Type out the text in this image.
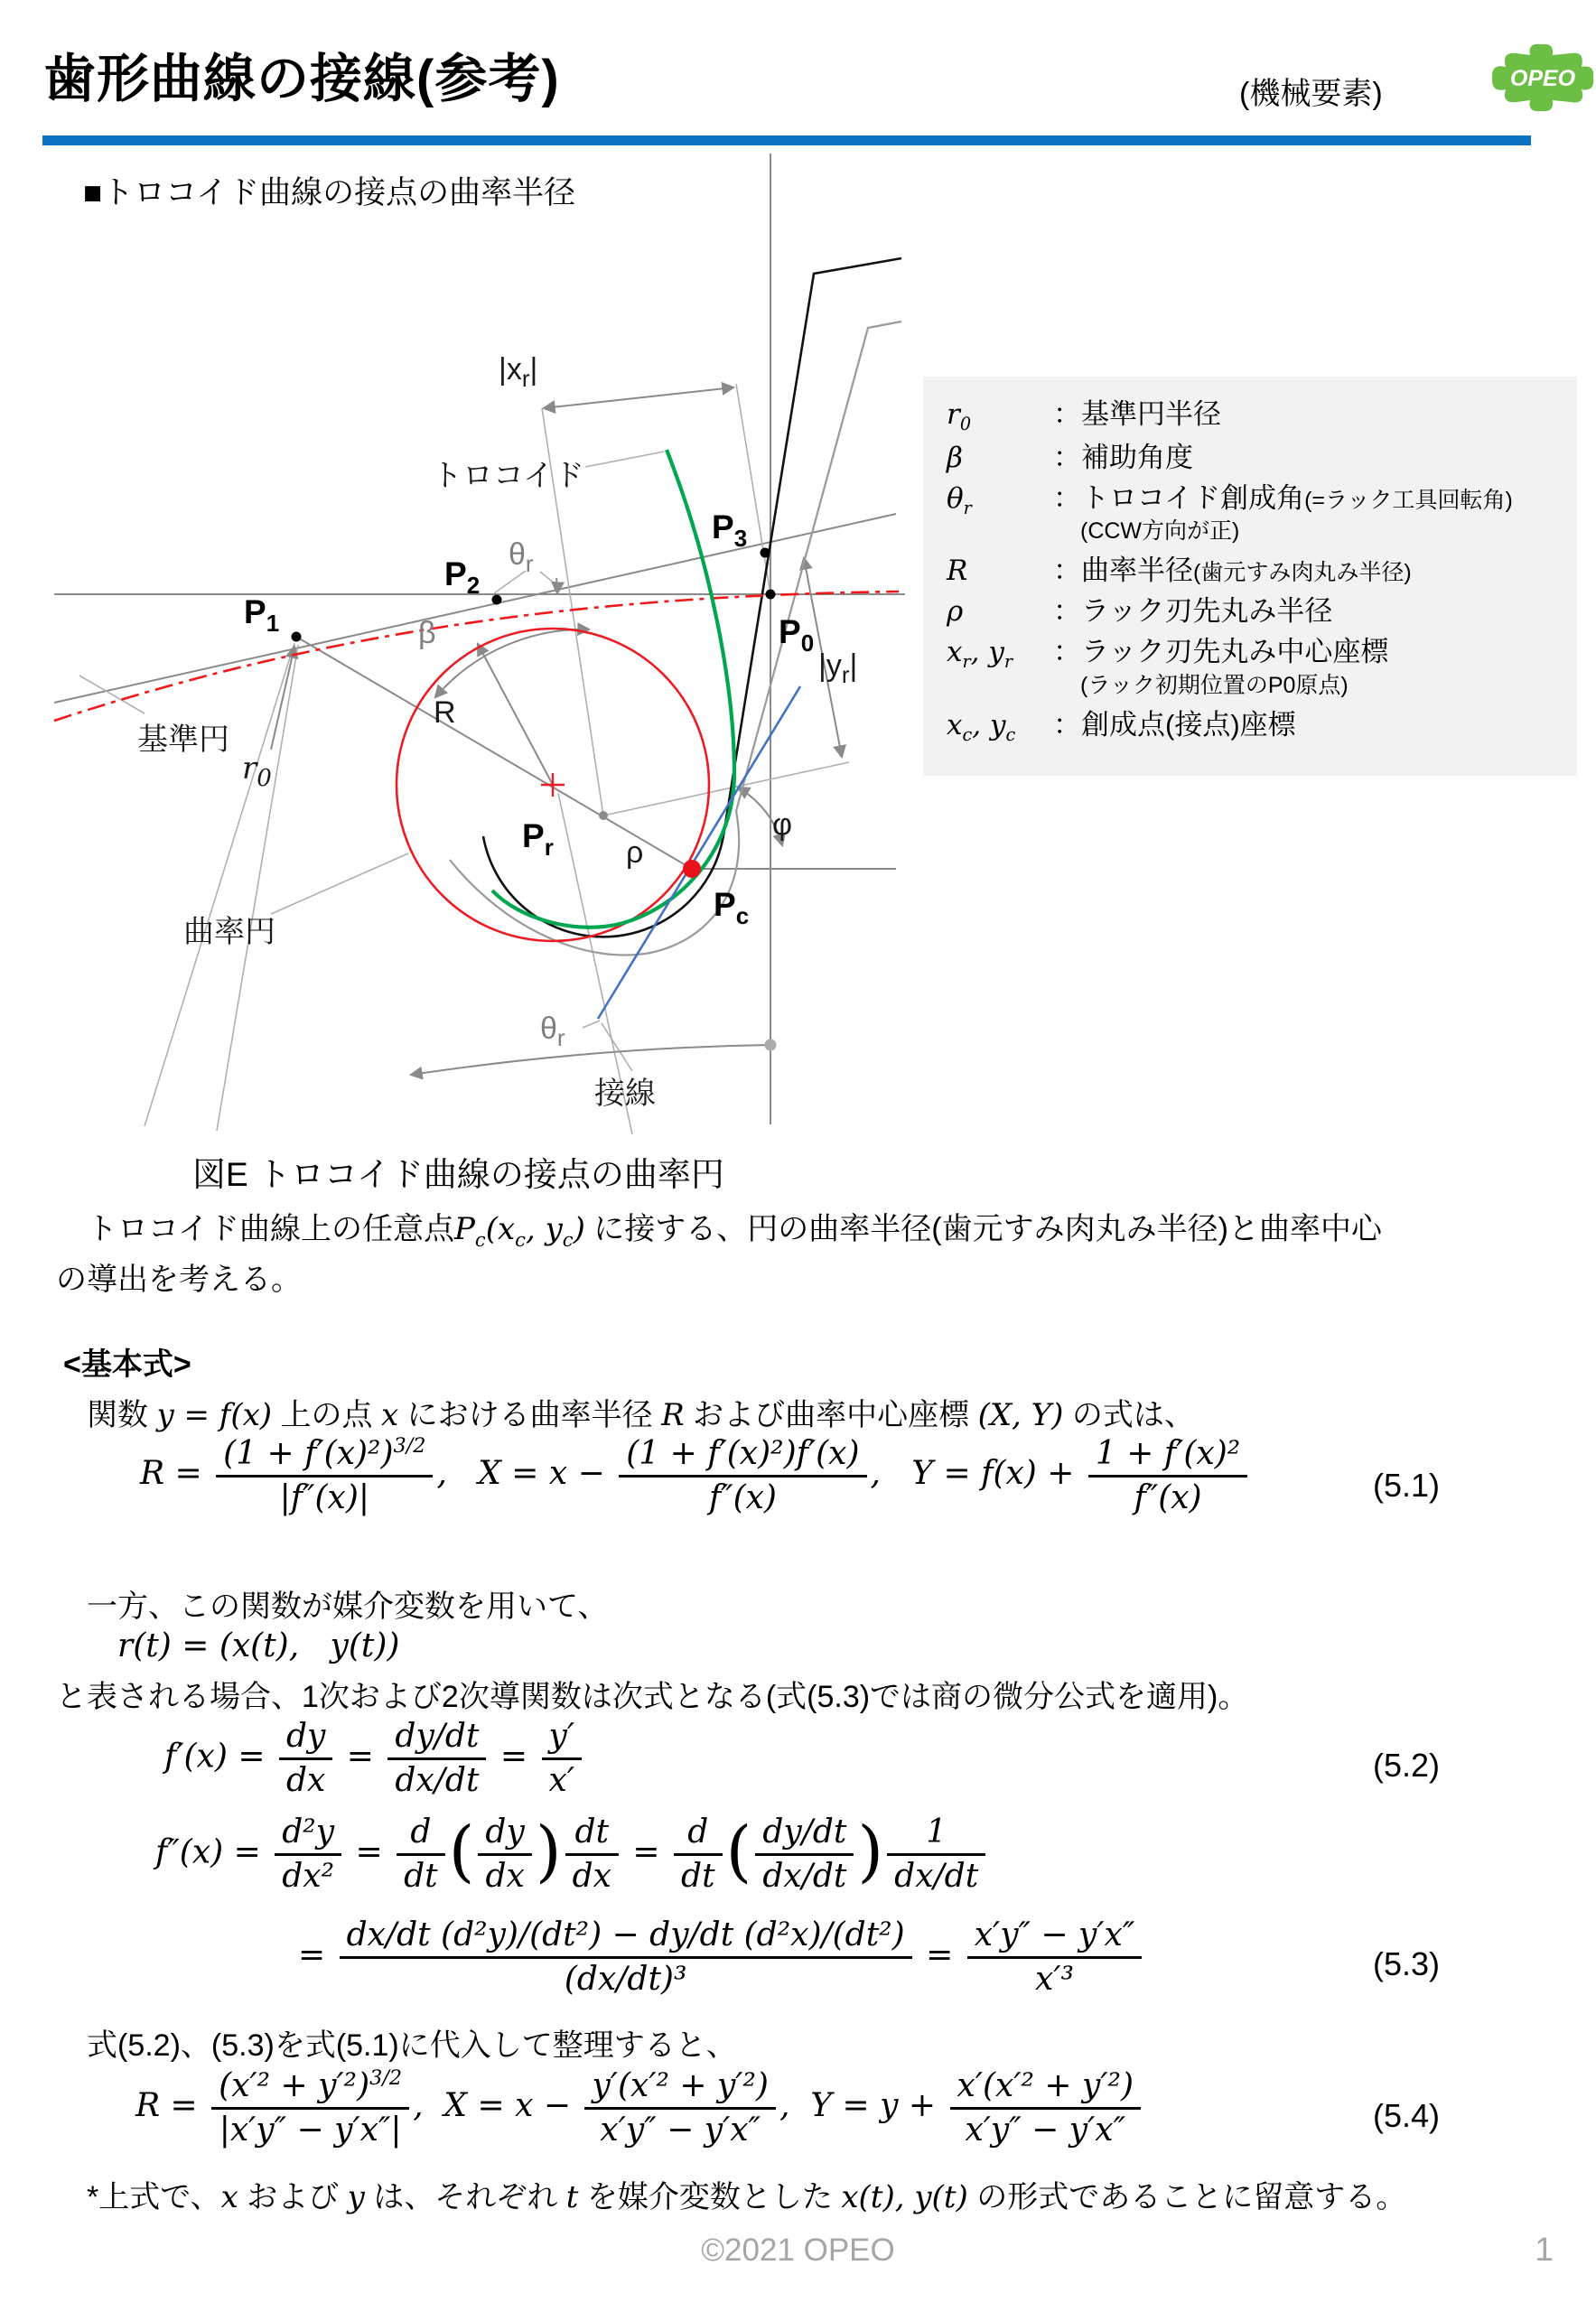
歯形曲線の接線(参考)	(機械要素)	OPEO
■トロコイド曲線の接点の曲率半径
トロコイド
基準円
曲率円
接線
R
ρ
β
φ
$r_0$
$\theta_r$
$\theta_r$
$|x_r|$
$|y_r|$
$P_1$
$P_2$
$P_3$
$P_0$
$P_r$
$P_c$
$r_0$	：基準円半径
β	：補助角度
$\theta_r$	：トロコイド創成角(=ラック工具回転角)
(CCW方向が正)
R	：曲率半径(歯元すみ肉丸み半径)
ρ	：ラック刃先丸み半径
$x_r$, $y_r$	：ラック刃先丸み中心座標
(ラック初期位置のP0原点)
$x_c$, $y_c$	：創成点(接点)座標
図E トロコイド曲線の接点の曲率円
　トロコイド曲線上の任意点$P_c(x_c$, $y_c$) に接する、円の曲率半径(歯元すみ肉丸み半径)と曲率中心
の導出を考える。
<基本式>
　関数 y = f(x) 上の点 x における曲率半径 R および曲率中心座標 (X, Y) の式は、
$R = \frac{(1 + f'(x)^2)^{3/2}}{|f''(x)|}$ ,   $X = x - \frac{\text{(1 + f′(x)²)f′(x)}}{f''(x)}$ ,   $Y = f(x) + \frac{\text{1 + f′(x)²}}{f''(x)}$	(5.1)
　一方、この関数が媒介変数を用いて、
r(t) = (x(t),   y(t))
と表される場合、1次および2次導関数は次式となる(式(5.3)では商の微分公式を適用)。
$f'(x) = \frac{dy}{dx} = \frac{dy/dt}{dx/dt} = \frac{y'}{x'}$	(5.2)
$f''(x) = \frac{\text{d²y}}{\text{dx²}} = \frac{d}{dt}$ ( $\frac{dy}{dx}$ ) $\frac{dt}{dx} = \frac{d}{dt}$ ( $\frac{dy/dt}{dx/dt}$ ) $\frac{1}{dx/dt}$
= $\frac{\text{dx/dt (d²y)/(dt²) − dy/dt (d²x)/(dt²)}}{\text{(dx/dt)³}} = \frac{x'y'' - y'x''}{\text{x′³}}$	(5.3)
　式(5.2)、(5.3)を式(5.1)に代入して整理すると、
$R = \frac{(x'^2 + y'^2)^{3/2}}{|x'y'' - y'x''|}$ ,  $X = x - \frac{\text{y′(x′² + y′²)}}{x'y'' - y'x''}$ ,  $Y = y + \frac{\text{x′(x′² + y′²)}}{x'y'' - y'x''}$	(5.4)
　*上式で、x および y は、それぞれ t を媒介変数とした x(t), y(t) の形式であることに留意する。
©2021 OPEO	1
